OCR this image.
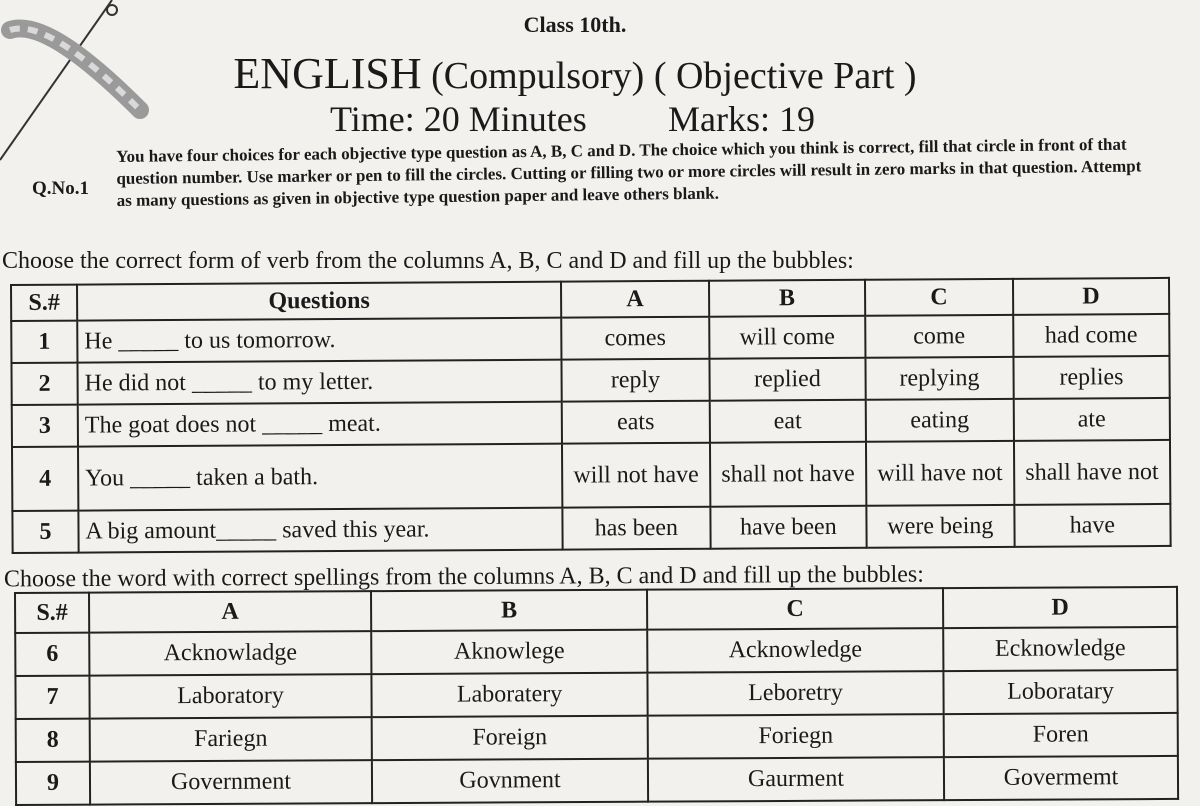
Class 10th.
ENGLISH (Compulsory) ( Objective Part )
Time: 20 Minutes Marks: 19
Q.No.1
You have four choices for each objective type question as A, B, C and D. The choice which you think is correct, fill that circle in front of that question number. Use marker or pen to fill the circles. Cutting or filling two or more circles will result in zero marks in that question. Attempt as many questions as given in objective type question paper and leave others blank.
Choose the correct form of verb from the columns A, B, C and D and fill up the bubbles:
S.#	Questions	A	B	C	D
1	He _____ to us tomorrow.	comes	will come	come	had come
2	He did not _____ to my letter.	reply	replied	replying	replies
3	The goat does not _____ meat.	eats	eat	eating	ate
4	You _____ taken a bath.	will not have	shall not have	will have not	shall have not
5	A big amount_____ saved this year.	has been	have been	were being	have
Choose the word with correct spellings from the columns A, B, C and D and fill up the bubbles:
S.#	A	B	C	D
6	Acknowladge	Aknowlege	Acknowledge	Ecknowledge
7	Laboratory	Laboratery	Leboretry	Loboratary
8	Fariegn	Foreign	Foriegn	Foren
9	Government	Govnment	Gaurment	Govermemt
